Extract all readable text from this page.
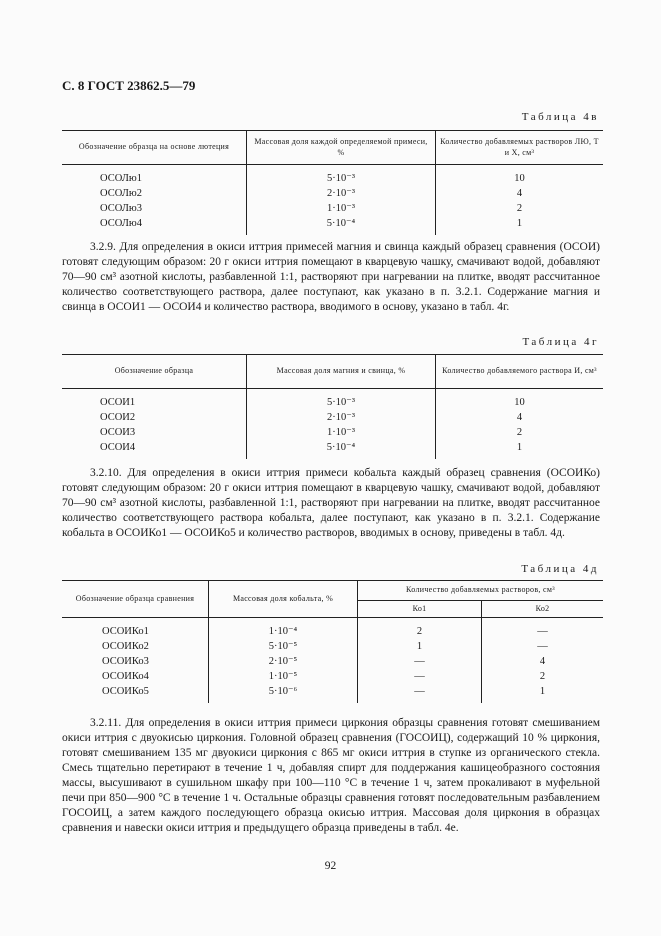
С. 8 ГОСТ 23862.5—79
Таблица 4в
Обозначение образца на основе лютеция	Массовая доля каждой определяемой примеси, %	Количество добавляемых растворов ЛЮ, Т и X, см³
ОСОЛю1	5·10⁻³	10
ОСОЛю2	2·10⁻³	4
ОСОЛю3	1·10⁻³	2
ОСОЛю4	5·10⁻⁴	1

3.2.9. Для определения в окиси иттрия примесей магния и свинца каждый образец сравнения (ОСОИ) готовят следующим образом: 20 г окиси иттрия помещают в кварцевую чашку, смачивают водой, добавляют 70—90 см³ азотной кислоты, разбавленной 1:1, растворяют при нагревании на плитке, вводят рассчитанное количество соответствующего раствора, далее поступают, как указано в п. 3.2.1. Содержание магния и свинца в ОСОИ1 — ОСОИ4 и количество раствора, вводимого в основу, указано в табл. 4г.

Таблица 4г
Обозначение образца	Массовая доля магния и свинца, %	Количество добавляемого раствора И, см³
ОСОИ1	5·10⁻³	10
ОСОИ2	2·10⁻³	4
ОСОИ3	1·10⁻³	2
ОСОИ4	5·10⁻⁴	1

3.2.10. Для определения в окиси иттрия примеси кобальта каждый образец сравнения (ОСОИКо) готовят следующим образом: 20 г окиси иттрия помещают в кварцевую чашку, смачивают водой, добавляют 70—90 см³ азотной кислоты, разбавленной 1:1, растворяют при нагревании на плитке, вводят рассчитанное количество соответствующего раствора кобальта, далее поступают, как указано в п. 3.2.1. Содержание кобальта в ОСОИКо1 — ОСОИКо5 и количество растворов, вводимых в основу, приведены в табл. 4д.

Таблица 4д
Обозначение образца сравнения	Массовая доля кобальта, %	Количество добавляемых растворов, см³	
		Ко1	Ко2
ОСОИКо1	1·10⁻⁴	2	—
ОСОИКо2	5·10⁻⁵	1	—
ОСОИКо3	2·10⁻⁵	—	4
ОСОИКо4	1·10⁻⁵	—	2
ОСОИКо5	5·10⁻⁶	—	1

3.2.11. Для определения в окиси иттрия примеси циркония образцы сравнения готовят смешиванием окиси иттрия с двуокисью циркония. Головной образец сравнения (ГОСОИЦ), содержащий 10 % циркония, готовят смешиванием 135 мг двуокиси циркония с 865 мг окиси иттрия в ступке из органического стекла. Смесь тщательно перетирают в течение 1 ч, добавляя спирт для поддержания кашицеобразного состояния массы, высушивают в сушильном шкафу при 100—110 °С в течение 1 ч, затем прокаливают в муфельной печи при 850—900 °С в течение 1 ч. Остальные образцы сравнения готовят последовательным разбавлением ГОСОИЦ, а затем каждого последующего образца окисью иттрия. Массовая доля циркония в образцах сравнения и навески окиси иттрия и предыдущего образца приведены в табл. 4е.

92
